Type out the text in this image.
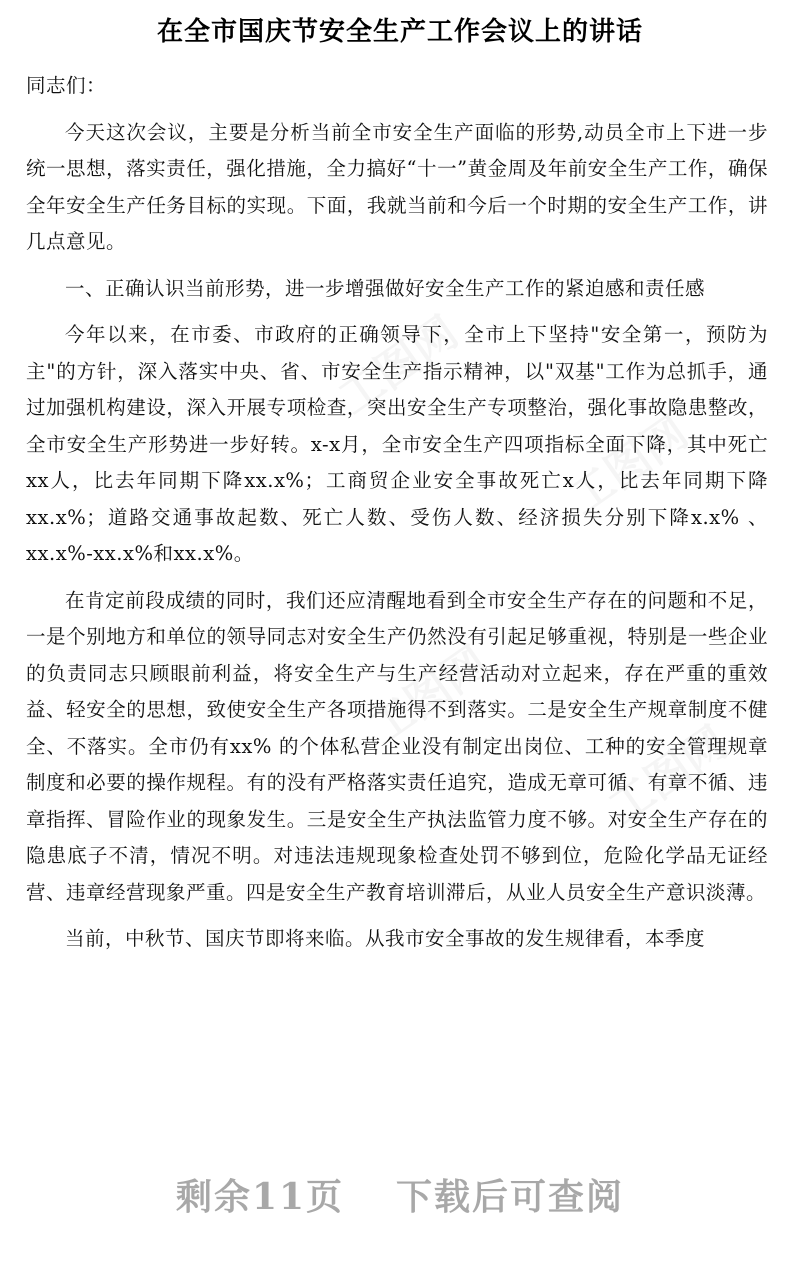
工图网
工图网
工图网
工图网
在全市国庆节安全生产工作会议上的讲话

同志们：

今天这次会议，主要是分析当前全市安全生产面临的形势,动员全市上下进一步统一思想，落实责任，强化措施，全力搞好“十一”黄金周及年前安全生产工作，确保全年安全生产任务目标的实现。下面，我就当前和今后一个时期的安全生产工作，讲几点意见。

一、正确认识当前形势，进一步增强做好安全生产工作的紧迫感和责任感

今年以来，在市委、市政府的正确领导下，全市上下坚持"安全第一，预防为主"的方针，深入落实中央、省、市安全生产指示精神，以"双基"工作为总抓手，通过加强机构建设，深入开展专项检查，突出安全生产专项整治，强化事故隐患整改，全市安全生产形势进一步好转。x-x月，全市安全生产四项指标全面下降，其中死亡xx人，比去年同期下降xx.x%；工商贸企业安全事故死亡x人，比去年同期下降xx.x%；道路交通事故起数、死亡人数、受伤人数、经济损失分别下降x.x% 、xx.x%-xx.x%和xx.x%。

在肯定前段成绩的同时，我们还应清醒地看到全市安全生产存在的问题和不足，一是个别地方和单位的领导同志对安全生产仍然没有引起足够重视，特别是一些企业的负责同志只顾眼前利益，将安全生产与生产经营活动对立起来，存在严重的重效益、轻安全的思想，致使安全生产各项措施得不到落实。二是安全生产规章制度不健全、不落实。全市仍有xx% 的个体私营企业没有制定出岗位、工种的安全管理规章制度和必要的操作规程。有的没有严格落实责任追究，造成无章可循、有章不循、违章指挥、冒险作业的现象发生。三是安全生产执法监管力度不够。对安全生产存在的隐患底子不清，情况不明。对违法违规现象检查处罚不够到位，危险化学品无证经营、违章经营现象严重。四是安全生产教育培训滞后，从业人员安全生产意识淡薄。

当前，中秋节、国庆节即将来临。从我市安全事故的发生规律看，本季度

剩余11页 下载后可查阅
